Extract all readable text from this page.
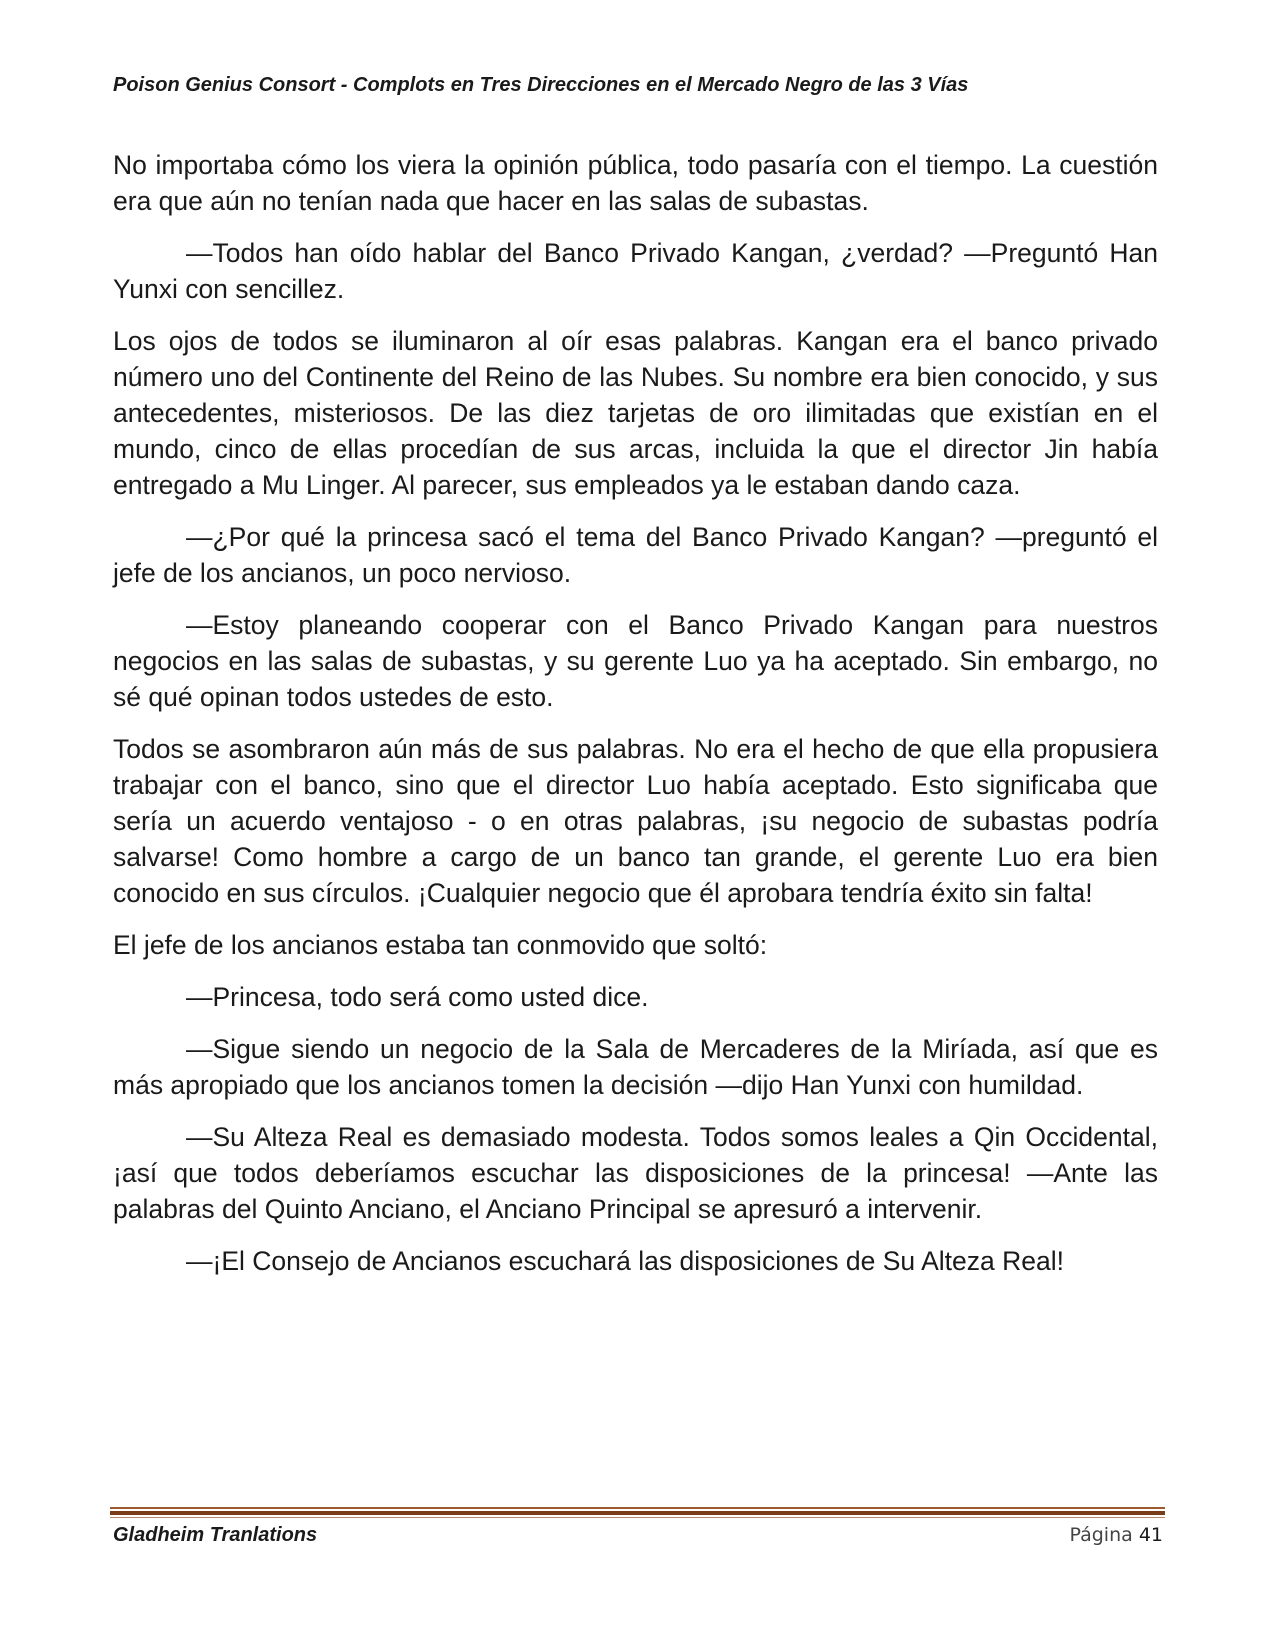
Poison Genius Consort - Complots en Tres Direcciones en el Mercado Negro de las 3 Vías

No importaba cómo los viera la opinión pública, todo pasaría con el tiempo. La cuestión era que aún no tenían nada que hacer en las salas de subastas.

—Todos han oído hablar del Banco Privado Kangan, ¿verdad? —Preguntó Han Yunxi con sencillez.

Los ojos de todos se iluminaron al oír esas palabras. Kangan era el banco privado número uno del Continente del Reino de las Nubes. Su nombre era bien conocido, y sus antecedentes, misteriosos. De las diez tarjetas de oro ilimitadas que existían en el mundo, cinco de ellas procedían de sus arcas, incluida la que el director Jin había entregado a Mu Linger. Al parecer, sus empleados ya le estaban dando caza.

—¿Por qué la princesa sacó el tema del Banco Privado Kangan? —preguntó el jefe de los ancianos, un poco nervioso.

—Estoy planeando cooperar con el Banco Privado Kangan para nuestros negocios en las salas de subastas, y su gerente Luo ya ha aceptado. Sin embargo, no sé qué opinan todos ustedes de esto.

Todos se asombraron aún más de sus palabras. No era el hecho de que ella propusiera trabajar con el banco, sino que el director Luo había aceptado. Esto significaba que sería un acuerdo ventajoso - o en otras palabras, ¡su negocio de subastas podría salvarse! Como hombre a cargo de un banco tan grande, el gerente Luo era bien conocido en sus círculos. ¡Cualquier negocio que él aprobara tendría éxito sin falta!

El jefe de los ancianos estaba tan conmovido que soltó:

—Princesa, todo será como usted dice.

—Sigue siendo un negocio de la Sala de Mercaderes de la Miríada, así que es más apropiado que los ancianos tomen la decisión —dijo Han Yunxi con humildad.

—Su Alteza Real es demasiado modesta. Todos somos leales a Qin Occidental, ¡así que todos deberíamos escuchar las disposiciones de la princesa! —Ante las palabras del Quinto Anciano, el Anciano Principal se apresuró a intervenir.

—¡El Consejo de Ancianos escuchará las disposiciones de Su Alteza Real!

Gladheim Tranlations	Página 41
